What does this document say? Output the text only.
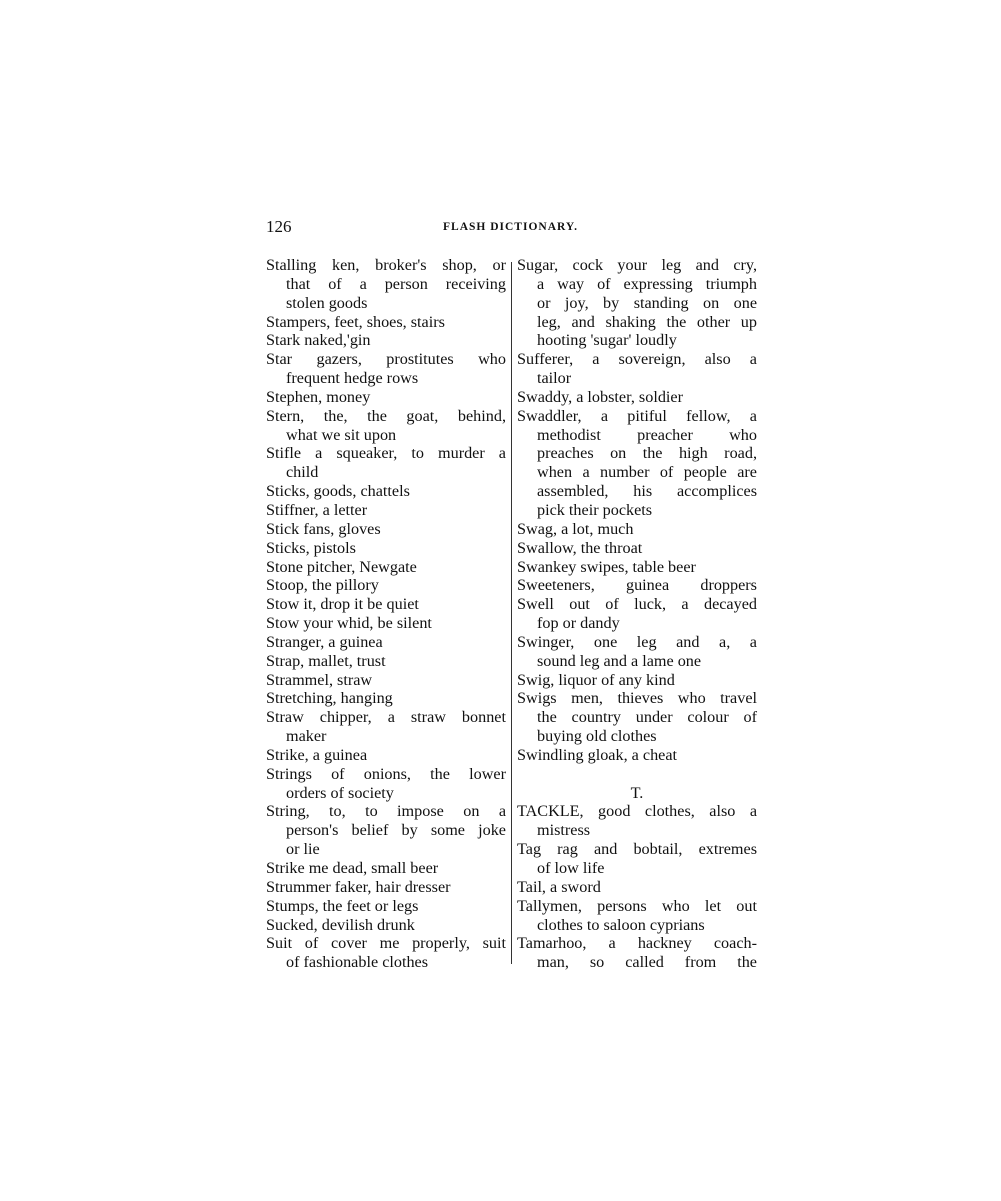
126	FLASH DICTIONARY.
Stalling ken, broker's shop, or
that of a person receiving
stolen goods
Stampers, feet, shoes, stairs
Stark naked,'gin
Star gazers, prostitutes who
frequent hedge rows
Stephen, money
Stern, the, the goat, behind,
what we sit upon
Stifle a squeaker, to murder a
child
Sticks, goods, chattels
Stiffner, a letter
Stick fans, gloves
Sticks, pistols
Stone pitcher, Newgate
Stoop, the pillory
Stow it, drop it be quiet
Stow your whid, be silent
Stranger, a guinea
Strap, mallet, trust
Strammel, straw
Stretching, hanging
Straw chipper, a straw bonnet
maker
Strike, a guinea
Strings of onions, the lower
orders of society
String, to, to impose on a
person's belief by some joke
or lie
Strike me dead, small beer
Strummer faker, hair dresser
Stumps, the feet or legs
Sucked, devilish drunk
Suit of cover me properly, suit
of fashionable clothes
Sugar, cock your leg and cry,
a way of expressing triumph
or joy, by standing on one
leg, and shaking the other up
hooting 'sugar' loudly
Sufferer, a sovereign, also a
tailor
Swaddy, a lobster, soldier
Swaddler, a pitiful fellow, a
methodist preacher who
preaches on the high road,
when a number of people are
assembled, his accomplices
pick their pockets
Swag, a lot, much
Swallow, the throat
Swankey swipes, table beer
Sweeteners, guinea droppers
Swell out of luck, a decayed
fop or dandy
Swinger, one leg and a, a
sound leg and a lame one
Swig, liquor of any kind
Swigs men, thieves who travel
the country under colour of
buying old clothes
Swindling gloak, a cheat
T.
TACKLE, good clothes, also a
mistress
Tag rag and bobtail, extremes
of low life
Tail, a sword
Tallymen, persons who let out
clothes to saloon cyprians
Tamarhoo, a hackney coach-
man, so called from the
